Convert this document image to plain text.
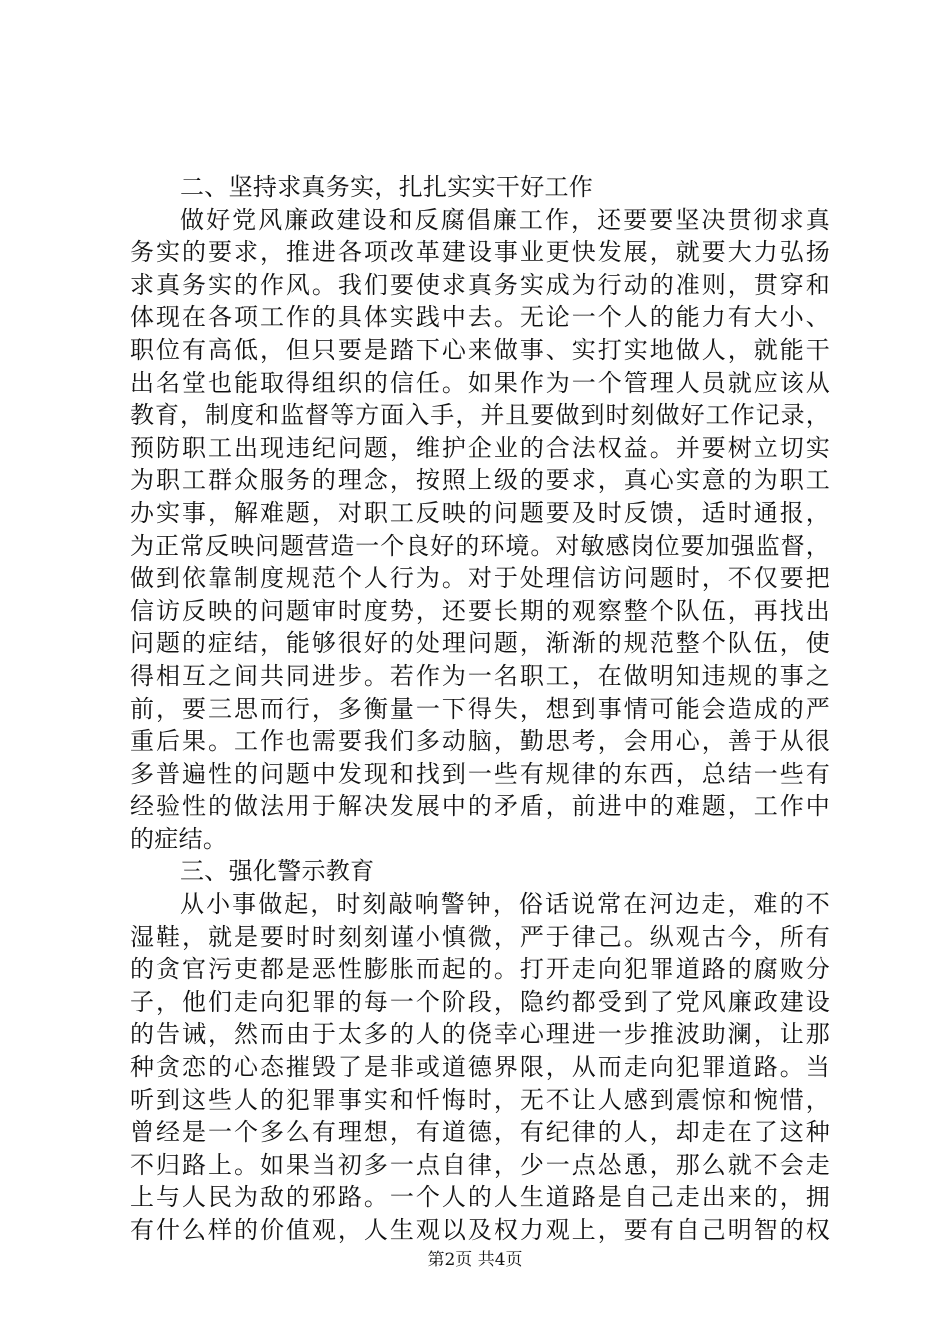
二、坚持求真务实，扎扎实实干好工作
做好党风廉政建设和反腐倡廉工作，还要要坚决贯彻求真
务实的要求，推进各项改革建设事业更快发展，就要大力弘扬
求真务实的作风。我们要使求真务实成为行动的准则，贯穿和
体现在各项工作的具体实践中去。无论一个人的能力有大小、
职位有高低，但只要是踏下心来做事、实打实地做人，就能干
出名堂也能取得组织的信任。如果作为一个管理人员就应该从
教育，制度和监督等方面入手，并且要做到时刻做好工作记录，
预防职工出现违纪问题，维护企业的合法权益。并要树立切实
为职工群众服务的理念，按照上级的要求，真心实意的为职工
办实事，解难题，对职工反映的问题要及时反馈，适时通报，
为正常反映问题营造一个良好的环境。对敏感岗位要加强监督，
做到依靠制度规范个人行为。对于处理信访问题时，不仅要把
信访反映的问题审时度势，还要长期的观察整个队伍，再找出
问题的症结，能够很好的处理问题，渐渐的规范整个队伍，使
得相互之间共同进步。若作为一名职工，在做明知违规的事之
前，要三思而行，多衡量一下得失，想到事情可能会造成的严
重后果。工作也需要我们多动脑，勤思考，会用心，善于从很
多普遍性的问题中发现和找到一些有规律的东西，总结一些有
经验性的做法用于解决发展中的矛盾，前进中的难题，工作中
的症结。
三、强化警示教育
从小事做起，时刻敲响警钟，俗话说常在河边走，难的不
湿鞋，就是要时时刻刻谨小慎微，严于律己。纵观古今，所有
的贪官污吏都是恶性膨胀而起的。打开走向犯罪道路的腐败分
子，他们走向犯罪的每一个阶段，隐约都受到了党风廉政建设
的告诫，然而由于太多的人的侥幸心理进一步推波助澜，让那
种贪恋的心态摧毁了是非或道德界限，从而走向犯罪道路。当
听到这些人的犯罪事实和忏悔时，无不让人感到震惊和惋惜，
曾经是一个多么有理想，有道德，有纪律的人，却走在了这种
不归路上。如果当初多一点自律，少一点怂恿，那么就不会走
上与人民为敌的邪路。一个人的人生道路是自己走出来的，拥
有什么样的价值观，人生观以及权力观上，要有自己明智的权
第2页 共4页
